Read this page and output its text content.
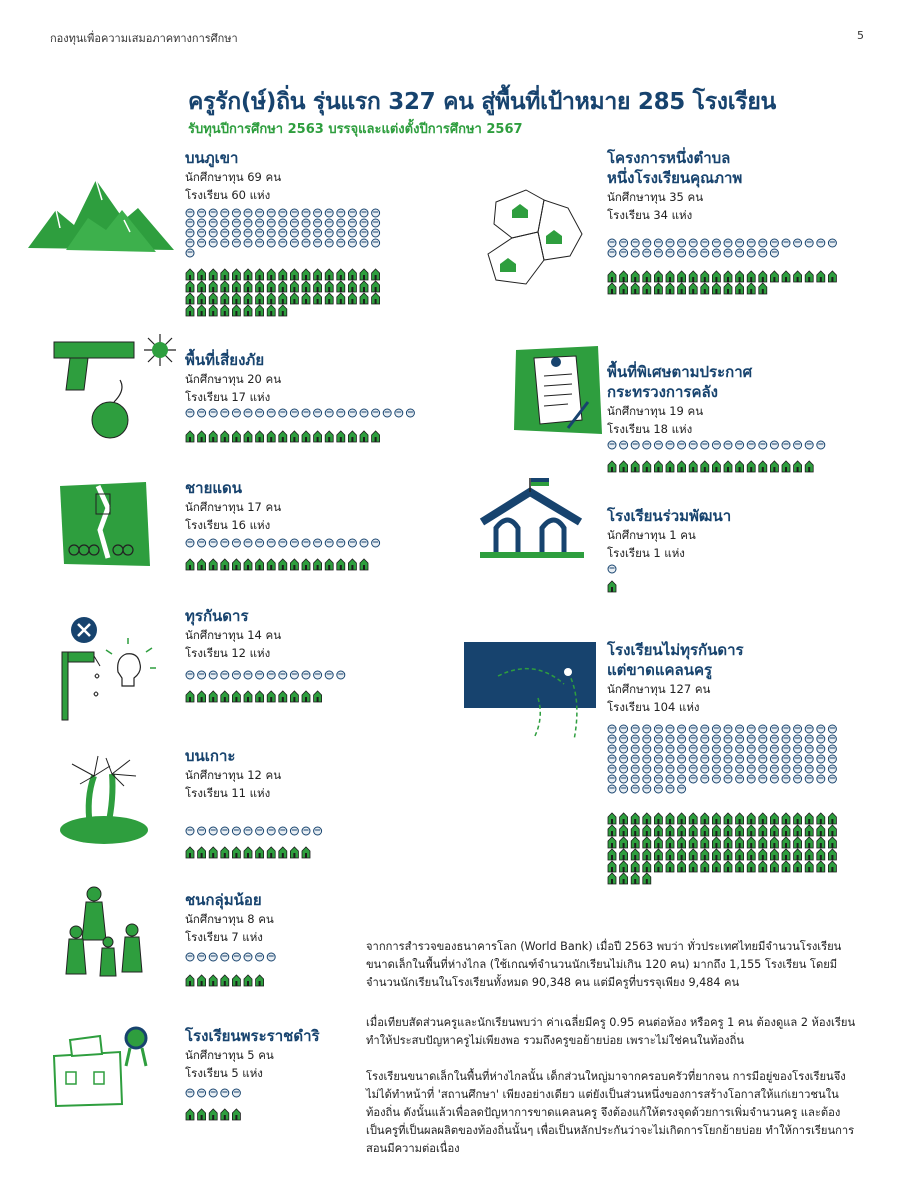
กองทุนเพื่อความเสมอภาคทางการศึกษา	5
ครูรัก(ษ์)ถิ่น รุ่นแรก 327 คน สู่พื้นที่เป้าหมาย 285 โรงเรียน
รับทุนปีการศึกษา 2563 บรรจุและแต่งตั้งปีการศึกษา 2567
บนภูเขา
นักศึกษาทุน 69 คน
โรงเรียน 60 แห่ง
พื้นที่เสี่ยงภัย
นักศึกษาทุน 20 คน
โรงเรียน 17 แห่ง
ชายแดน
นักศึกษาทุน 17 คน
โรงเรียน 16 แห่ง
ทุรกันดาร
นักศึกษาทุน 14 คน
โรงเรียน 12 แห่ง
บนเกาะ
นักศึกษาทุน 12 คน
โรงเรียน 11 แห่ง
ชนกลุ่มน้อย
นักศึกษาทุน 8 คน
โรงเรียน 7 แห่ง
โรงเรียนพระราชดำริ
นักศึกษาทุน 5 คน
โรงเรียน 5 แห่ง
โครงการหนึ่งตำบล
หนึ่งโรงเรียนคุณภาพ
นักศึกษาทุน 35 คน
โรงเรียน 34 แห่ง
พื้นที่พิเศษตามประกาศ
กระทรวงการคลัง
นักศึกษาทุน 19 คน
โรงเรียน 18 แห่ง
โรงเรียนร่วมพัฒนา
นักศึกษาทุน 1 คน
โรงเรียน 1 แห่ง
โรงเรียนไม่ทุรกันดาร
แต่ขาดแคลนครู
นักศึกษาทุน 127 คน
โรงเรียน 104 แห่ง
จากการสำรวจของธนาคารโลก (World Bank) เมื่อปี 2563 พบว่า ทั่วประเทศไทยมีจำนวนโรงเรียนขนาดเล็กในพื้นที่ห่างไกล (ใช้เกณฑ์จำนวนนักเรียนไม่เกิน 120 คน) มากถึง 1,155 โรงเรียน โดยมีจำนวนนักเรียนในโรงเรียนทั้งหมด 90,348 คน แต่มีครูที่บรรจุเพียง 9,484 คน
เมื่อเทียบสัดส่วนครูและนักเรียนพบว่า ค่าเฉลี่ยมีครู 0.95 คนต่อห้อง หรือครู 1 คน ต้องดูแล 2 ห้องเรียน ทำให้ประสบปัญหาครูไม่เพียงพอ รวมถึงครูขอย้ายบ่อย เพราะไม่ใช่คนในท้องถิ่น
โรงเรียนขนาดเล็กในพื้นที่ห่างไกลนั้น เด็กส่วนใหญ่มาจากครอบครัวที่ยากจน การมีอยู่ของโรงเรียนจึงไม่ได้ทำหน้าที่ 'สถานศึกษา' เพียงอย่างเดียว แต่ยังเป็นส่วนหนึ่งของการสร้างโอกาสให้แก่เยาวชนในท้องถิ่น ดังนั้นแล้วเพื่อลดปัญหาการขาดแคลนครู จึงต้องแก้ให้ตรงจุดด้วยการเพิ่มจำนวนครู และต้องเป็นครูที่เป็นผลผลิตของท้องถิ่นนั้นๆ เพื่อเป็นหลักประกันว่าจะไม่เกิดการโยกย้ายบ่อย ทำให้การเรียนการสอนมีความต่อเนื่อง
